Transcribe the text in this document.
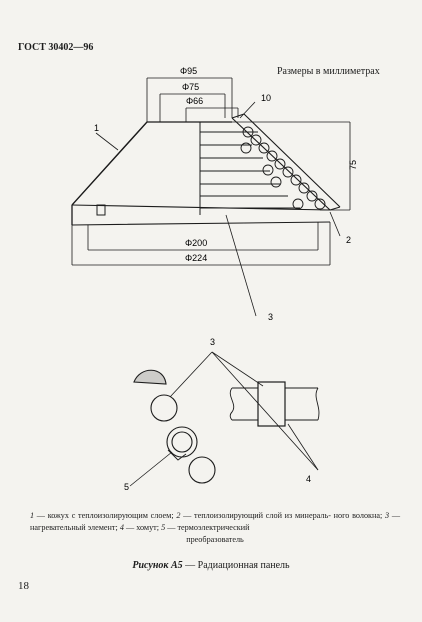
ГОСТ 30402—96
Размеры в миллиметрах
Φ95
Φ75
Φ66	10
75
Φ200
Φ224
1
2
3
3
4
5
1 — кожух с теплоизолирующим слоем; 2 — теплоизолирующий слой из минераль- ного волокна; 3 — нагревательный элемент; 4 — хомут; 5 — термоэлектрический
преобразователь
Рисунок А5 — Радиационная панель
18
